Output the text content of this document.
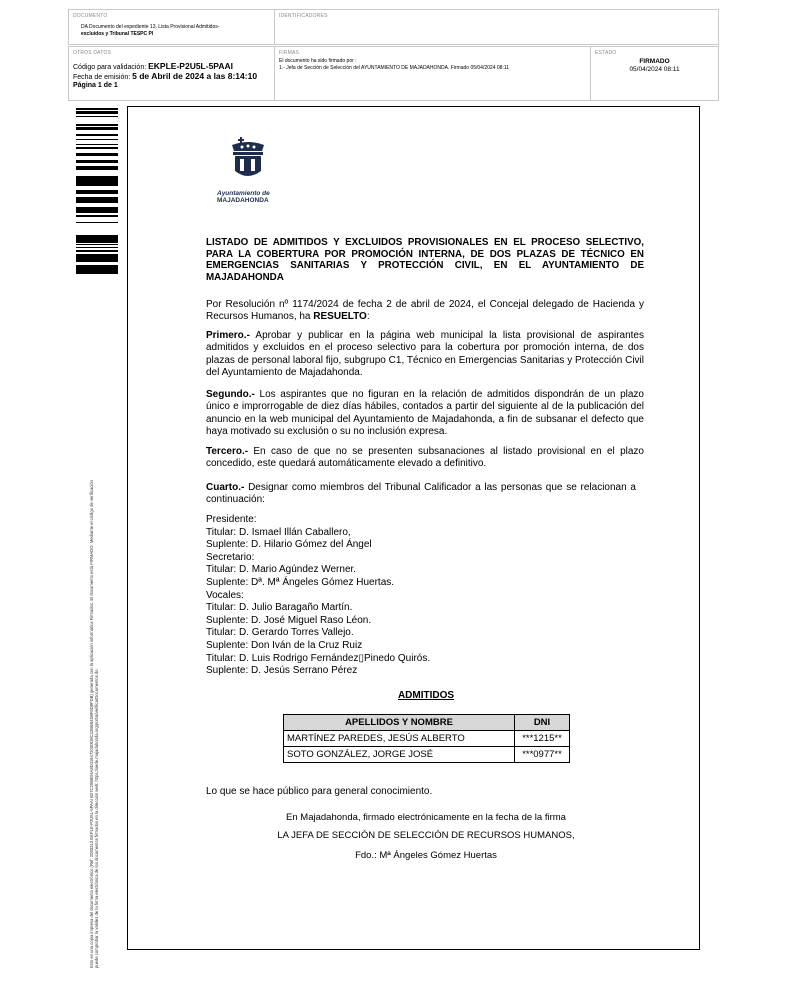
DOCUMENTO
DA Documento del expediente 13. Lista Provisional Admitidos-
excluidos y Tribunal TESPC PI
IDENTIFICADORES
OTROS DATOS
Código para validación: EKPLE-P2U5L-5PAAI
Fecha de emisión: 5 de Abril de 2024 a las 8:14:10
Página 1 de 1
FIRMAS
El documento ha sido firmado por :
1.- Jefa de Sección de Selección del AYUNTAMIENTO DE MAJADAHONDA. Firmado 05/04/2024 08:11
ESTADO
FIRMADO
05/04/2024 08:11
Esto es una copia impresa del documento electrónico (Ref: 2083313 EKPLE-P2U5L-5PAAI B27C20B8D4A8D11947200DD8C42B6B4D8F8D8FDB) generada con la aplicación informática Firmadoc. El documento está FIRMADO. Mediante el código de verificación puede comprobar la validez de la firma electrónica de los documentos firmados en la dirección web: https://sede.majadahonda.org/portal/verificarDocumentos.do
Ayuntamiento de
MAJADAHONDA
LISTADO DE ADMITIDOS Y EXCLUIDOS PROVISIONALES EN EL PROCESO SELECTIVO, PARA LA COBERTURA POR PROMOCIÓN INTERNA, DE DOS PLAZAS DE TÉCNICO EN EMERGENCIAS SANITARIAS Y PROTECCIÓN CIVIL, EN EL AYUNTAMIENTO DE MAJADAHONDA
Por Resolución nº 1174/2024 de fecha 2 de abril de 2024, el Concejal delegado de Hacienda y Recursos Humanos, ha RESUELTO:
Primero.- Aprobar y publicar en la página web municipal la lista provisional de aspirantes admitidos y excluidos en el proceso selectivo para la cobertura por promoción interna, de dos plazas de personal laboral fijo, subgrupo C1, Técnico en Emergencias Sanitarias y Protección Civil del Ayuntamiento de Majadahonda.
Segundo.- Los aspirantes que no figuran en la relación de admitidos dispondrán de un plazo único e improrrogable de diez días hábiles, contados a partir del siguiente al de la publicación del anuncio en la web municipal del Ayuntamiento de Majadahonda, a fin de subsanar el defecto que haya motivado su exclusión o su no inclusión expresa.
Tercero.- En caso de que no se presenten subsanaciones al listado provisional en el plazo concedido, este quedará automáticamente elevado a definitivo.
Cuarto.- Designar como miembros del Tribunal Calificador a las personas que se relacionan a continuación:
Presidente:
Titular: D. Ismael Illán Caballero,
Suplente: D. Hilario Gómez del Ángel
Secretario:
Titular: D. Mario Agúndez Werner.
Suplente: Dª. Mª Ángeles Gómez Huertas.
Vocales:
Titular: D. Julio Baragaño Martín.
Suplente: D. José Miguel Raso Léon.
Titular: D. Gerardo Torres Vallejo.
Suplente: Don Iván de la Cruz Ruiz
Titular: D. Luis Rodrigo Fernández▯Pinedo Quirós.
Suplente: D. Jesús Serrano Pérez
ADMITIDOS
APELLIDOS Y NOMBRE	DNI
MARTÍNEZ PAREDES, JESÚS ALBERTO	***1215**
SOTO GONZÁLEZ, JORGE JOSÉ	***0977**
Lo que se hace público para general conocimiento.
En Majadahonda, firmado electrónicamente en la fecha de la firma
LA JEFA DE SECCIÓN DE SELECCIÓN DE RECURSOS HUMANOS,
Fdo.: Mª Ángeles Gómez Huertas
